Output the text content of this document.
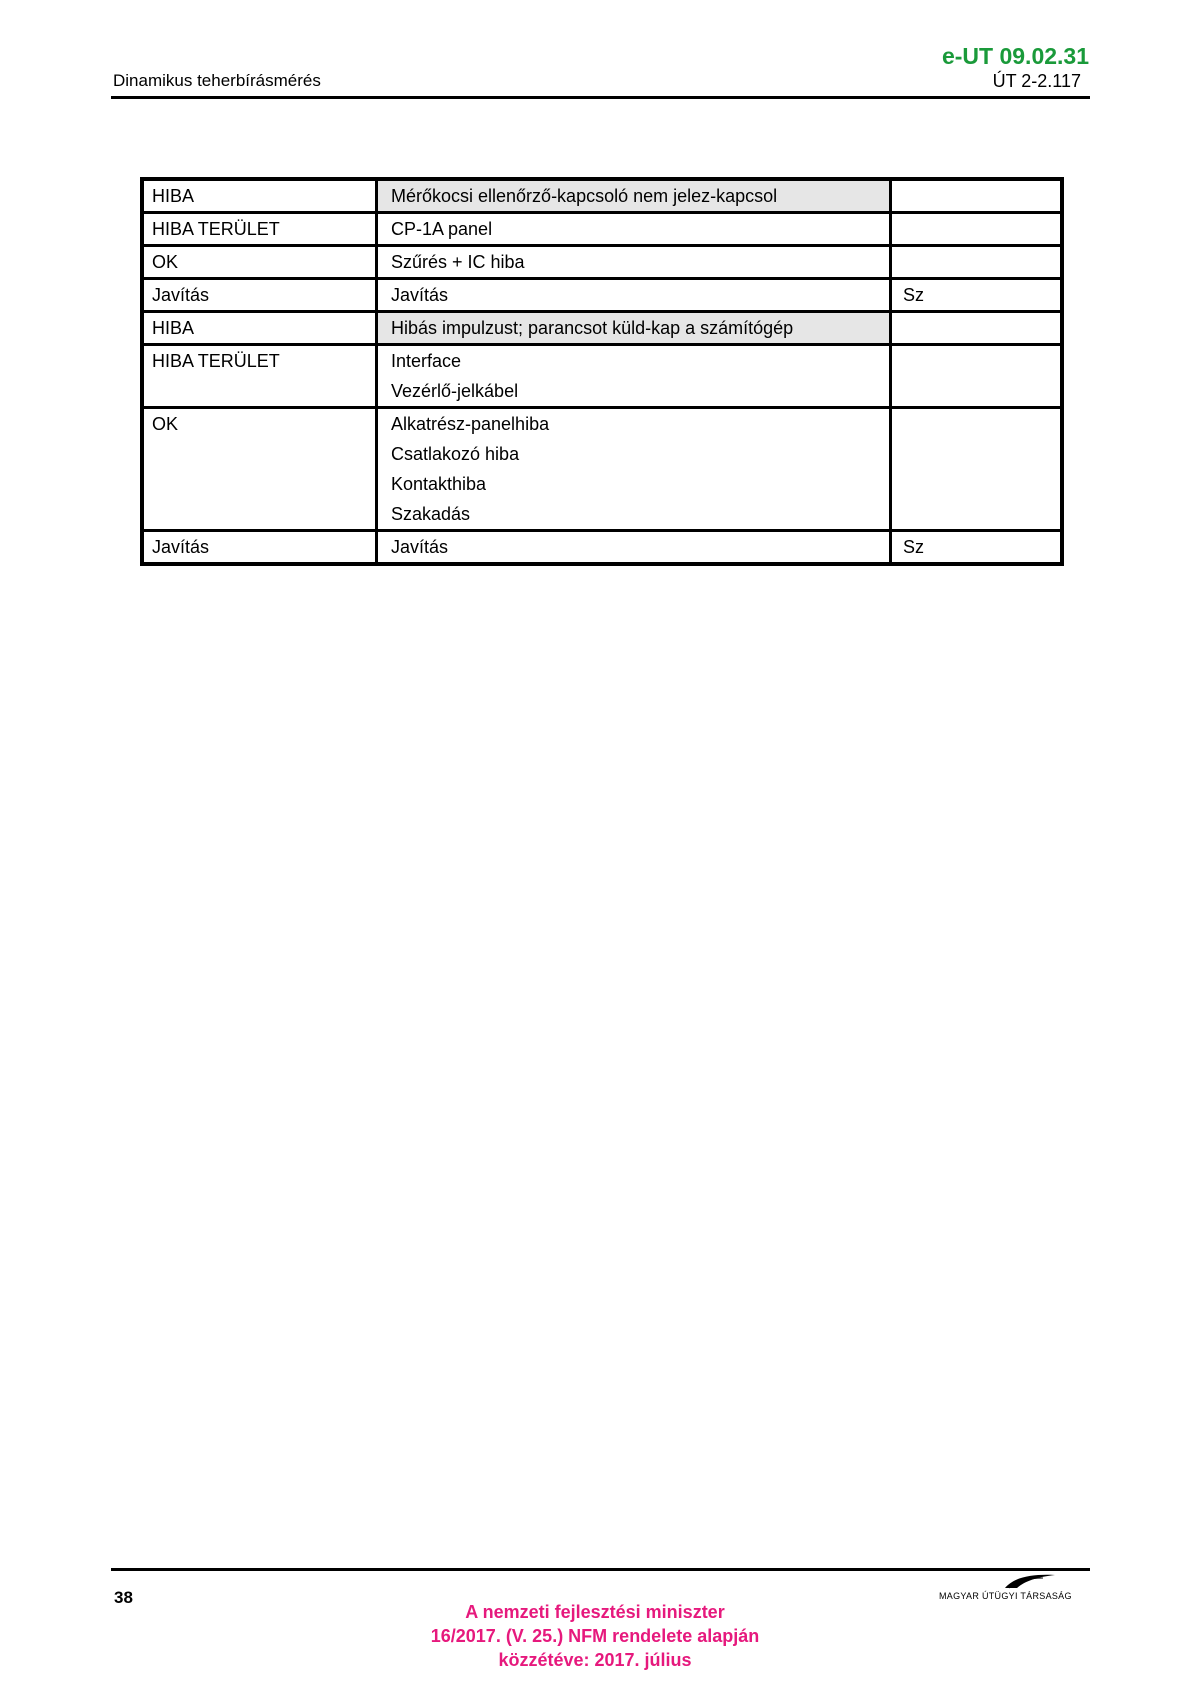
Dinamikus teherbírásmérés
e-UT 09.02.31
ÚT 2-2.117
HIBA	Mérőkocsi ellenőrző-kapcsoló nem jelez-kapcsol
HIBA TERÜLET	CP-1A panel
OK	Szűrés + IC hiba
Javítás	Javítás	Sz
HIBA	Hibás impulzust; parancsot küld-kap a számítógép
HIBA TERÜLET	Interface
Vezérlő-jelkábel
OK	Alkatrész-panelhiba
Csatlakozó hiba
Kontakthiba
Szakadás
Javítás	Javítás	Sz
38	MAGYAR ÚTÜGYI TÁRSASÁG
A nemzeti fejlesztési miniszter
16/2017. (V. 25.) NFM rendelete alapján
közzétéve: 2017. július
